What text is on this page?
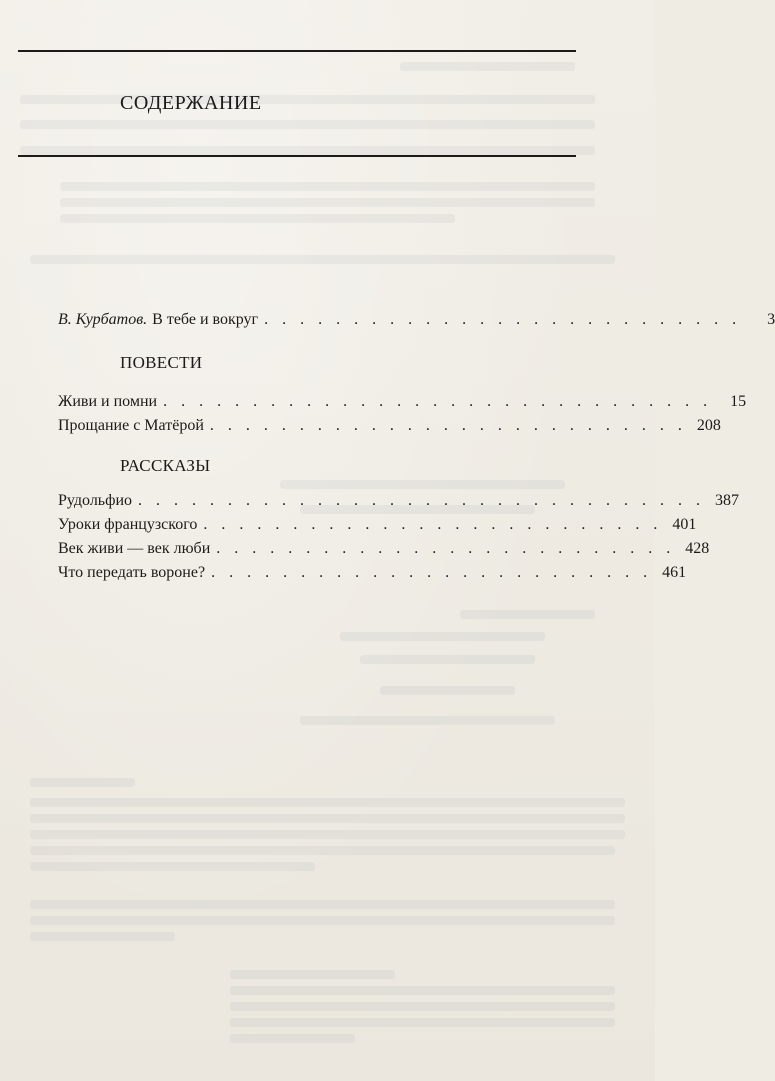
СОДЕРЖАНИЕ
В. Курбатов. В тебе и вокруг . . . . . . . . . . . . . . . . . . . . . . . . . . .	3
ПОВЕСТИ
Живи и помни . . . . . . . . . . . . . . . . . . . . . . . . . . . . . . .	15
Прощание с Матёрой . . . . . . . . . . . . . . . . . . . . . . . . . . . 208
РАССКАЗЫ
Рудольфио . . . . . . . . . . . . . . . . . . . . . . . . . . . . . . . . 387
Уроки французского . . . . . . . . . . . . . . . . . . . . . . . . . . 401
Век живи — век люби . . . . . . . . . . . . . . . . . . . . . . . . . . 428
Что передать вороне? . . . . . . . . . . . . . . . . . . . . . . . . . 461
